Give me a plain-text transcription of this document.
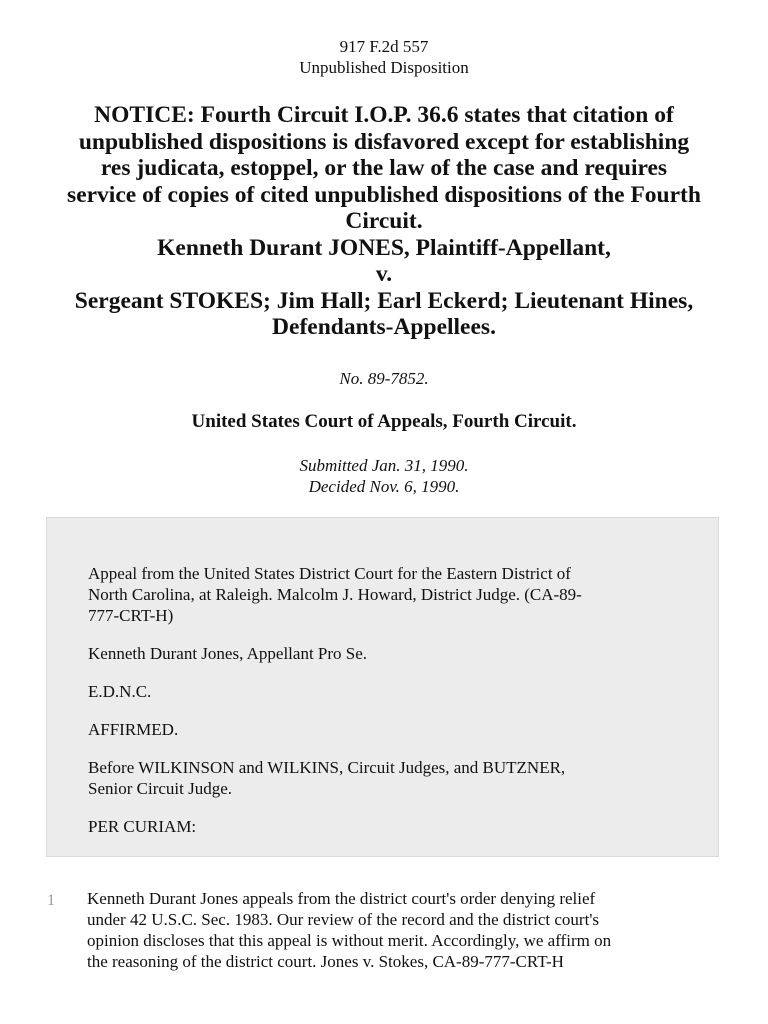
917 F.2d 557
Unpublished Disposition
NOTICE: Fourth Circuit I.O.P. 36.6 states that citation of
unpublished dispositions is disfavored except for establishing
res judicata, estoppel, or the law of the case and requires
service of copies of cited unpublished dispositions of the Fourth
Circuit.
Kenneth Durant JONES, Plaintiff-Appellant,
v.
Sergeant STOKES; Jim Hall; Earl Eckerd; Lieutenant Hines,
Defendants-Appellees.
No. 89-7852.
United States Court of Appeals, Fourth Circuit.
Submitted Jan. 31, 1990.
Decided Nov. 6, 1990.

Appeal from the United States District Court for the Eastern District of
North Carolina, at Raleigh. Malcolm J. Howard, District Judge. (CA-89-
777-CRT-H)

Kenneth Durant Jones, Appellant Pro Se.

E.D.N.C.

AFFIRMED.

Before WILKINSON and WILKINS, Circuit Judges, and BUTZNER,
Senior Circuit Judge.

PER CURIAM:

1 Kenneth Durant Jones appeals from the district court's order denying relief
under 42 U.S.C. Sec. 1983. Our review of the record and the district court's
opinion discloses that this appeal is without merit. Accordingly, we affirm on
the reasoning of the district court. Jones v. Stokes, CA-89-777-CRT-H
